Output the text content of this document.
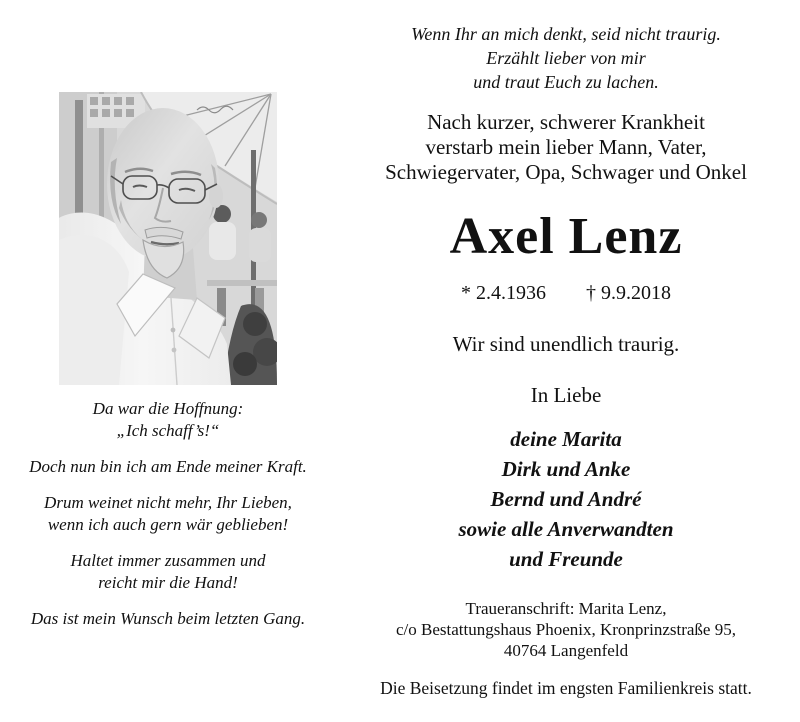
Da war die Hoffnung:
„Ich schaff’s!“
Doch nun bin ich am Ende meiner Kraft.
Drum weinet nicht mehr, Ihr Lieben,
wenn ich auch gern wär geblieben!
Haltet immer zusammen und
reicht mir die Hand!
Das ist mein Wunsch beim letzten Gang.
Wenn Ihr an mich denkt, seid nicht traurig.
Erzählt lieber von mir
und traut Euch zu lachen.
Nach kurzer, schwerer Krankheit
verstarb mein lieber Mann, Vater,
Schwiegervater, Opa, Schwager und Onkel
Axel Lenz
* 2.4.1936 † 9.9.2018
Wir sind unendlich traurig.
In Liebe
deine Marita
Dirk und Anke
Bernd und André
sowie alle Anverwandten
und Freunde
Traueranschrift: Marita Lenz,
c/o Bestattungshaus Phoenix, Kronprinzstraße 95,
40764 Langenfeld
Die Beisetzung findet im engsten Familienkreis statt.
